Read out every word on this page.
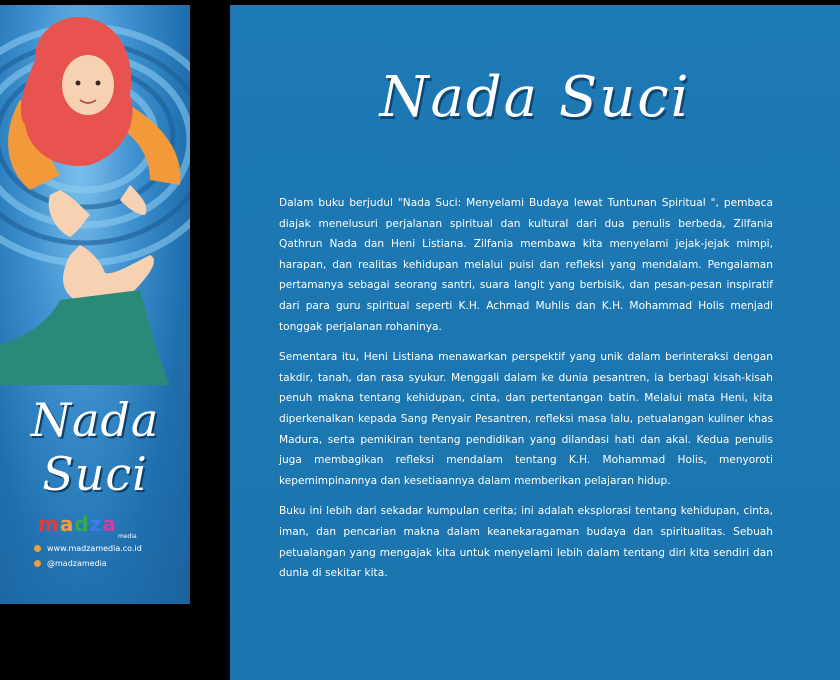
Nada Suci
madza
media
www.madzamedia.co.id
@madzamedia
Nada Suci

Dalam buku berjudul "Nada Suci: Menyelami Budaya lewat Tuntunan Spiritual ", pembaca diajak menelusuri perjalanan spiritual dan kultural dari dua penulis berbeda, Zilfania Qathrun Nada dan Heni Listiana. Zilfania membawa kita menyelami jejak-jejak mimpi, harapan, dan realitas kehidupan melalui puisi dan refleksi yang mendalam. Pengalaman pertamanya sebagai seorang santri, suara langit yang berbisik, dan pesan-pesan inspiratif dari para guru spiritual seperti K.H. Achmad Muhlis dan K.H. Mohammad Holis menjadi tonggak perjalanan rohaninya.

Sementara itu, Heni Listiana menawarkan perspektif yang unik dalam berinteraksi dengan takdir, tanah, dan rasa syukur. Menggali dalam ke dunia pesantren, ia berbagi kisah-kisah penuh makna tentang kehidupan, cinta, dan pertentangan batin. Melalui mata Heni, kita diperkenalkan kepada Sang Penyair Pesantren, refleksi masa lalu, petualangan kuliner khas Madura, serta pemikiran tentang pendidikan yang dilandasi hati dan akal. Kedua penulis juga membagikan refleksi mendalam tentang K.H. Mohammad Holis, menyoroti kepemimpinannya dan kesetiaannya dalam memberikan pelajaran hidup.

Buku ini lebih dari sekadar kumpulan cerita; ini adalah eksplorasi tentang kehidupan, cinta, iman, dan pencarian makna dalam keanekaragaman budaya dan spiritualitas. Sebuah petualangan yang mengajak kita untuk menyelami lebih dalam tentang diri kita sendiri dan dunia di sekitar kita.
